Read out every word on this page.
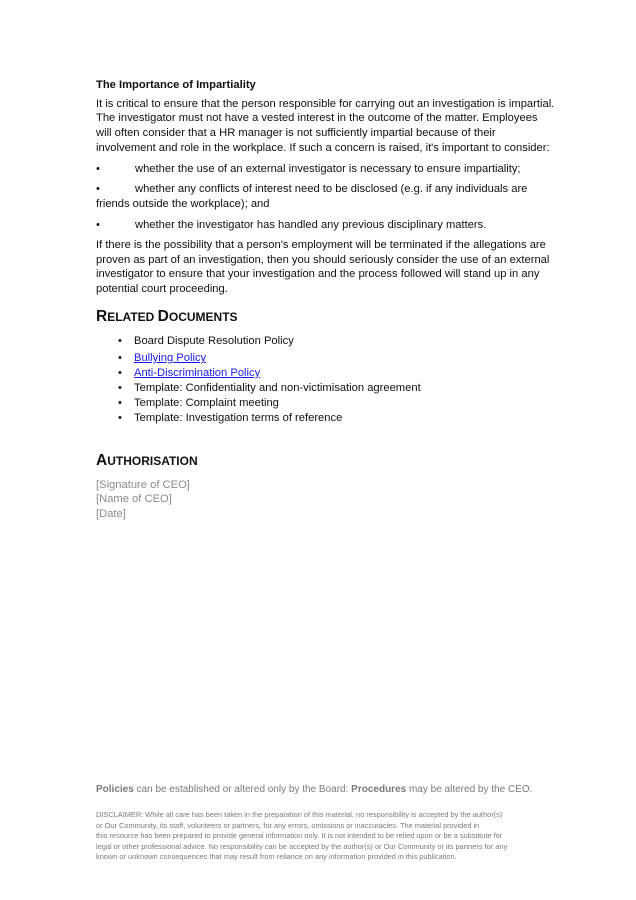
The Importance of Impartiality
It is critical to ensure that the person responsible for carrying out an investigation is impartial.
The investigator must not have a vested interest in the outcome of the matter. Employees
will often consider that a HR manager is not sufficiently impartial because of their
involvement and role in the workplace. If such a concern is raised, it's important to consider:
•	whether the use of an external investigator is necessary to ensure impartiality;
•	whether any conflicts of interest need to be disclosed (e.g. if any individuals are
friends outside the workplace); and
•	whether the investigator has handled any previous disciplinary matters.
If there is the possibility that a person's employment will be terminated if the allegations are
proven as part of an investigation, then you should seriously consider the use of an external
investigator to ensure that your investigation and the process followed will stand up in any
potential court proceeding.
RELATED DOCUMENTS
• Board Dispute Resolution Policy
• Bullying Policy
• Anti-Discrimination Policy
• Template: Confidentiality and non-victimisation agreement
• Template: Complaint meeting
• Template: Investigation terms of reference
AUTHORISATION
[Signature of CEO]
[Name of CEO]
[Date]
Policies can be established or altered only by the Board: Procedures may be altered by the CEO.
DISCLAIMER: While all care has been taken in the preparation of this material, no responsibility is accepted by the author(s)
or Our Community, its staff, volunteers or partners, for any errors, omissions or inaccuracies. The material provided in
this resource has been prepared to provide general information only. It is not intended to be relied upon or be a substitute for
legal or other professional advice. No responsibility can be accepted by the author(s) or Our Community or its partners for any
known or unknown consequences that may result from reliance on any information provided in this publication.
